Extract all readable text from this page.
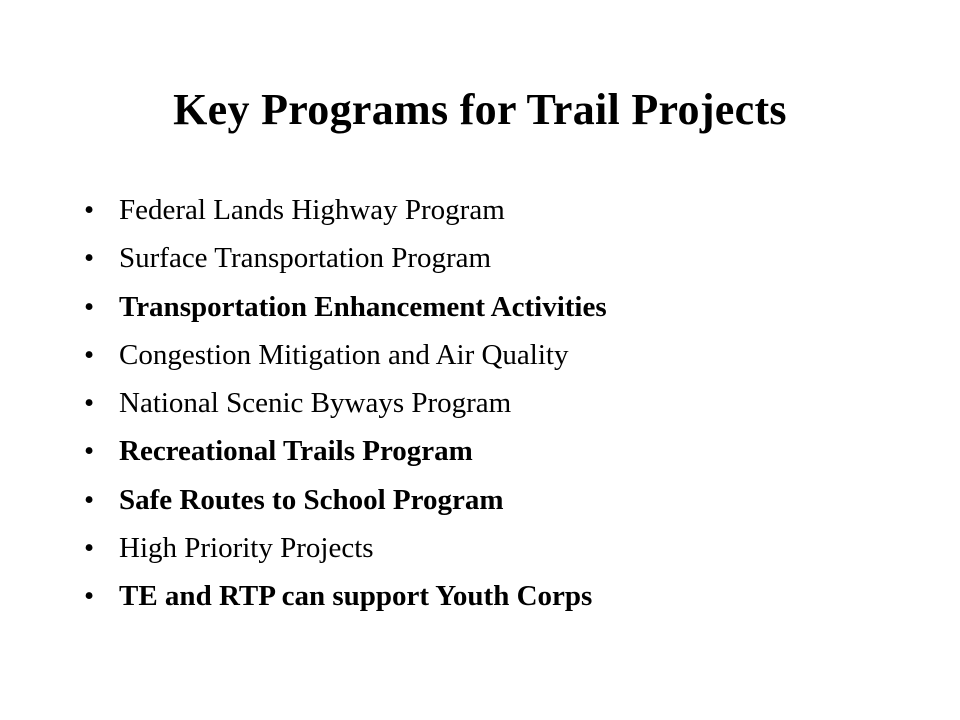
Key Programs for Trail Projects
• Federal Lands Highway Program
• Surface Transportation Program
• Transportation Enhancement Activities
• Congestion Mitigation and Air Quality
• National Scenic Byways Program
• Recreational Trails Program
• Safe Routes to School Program
• High Priority Projects
• TE and RTP can support Youth Corps
